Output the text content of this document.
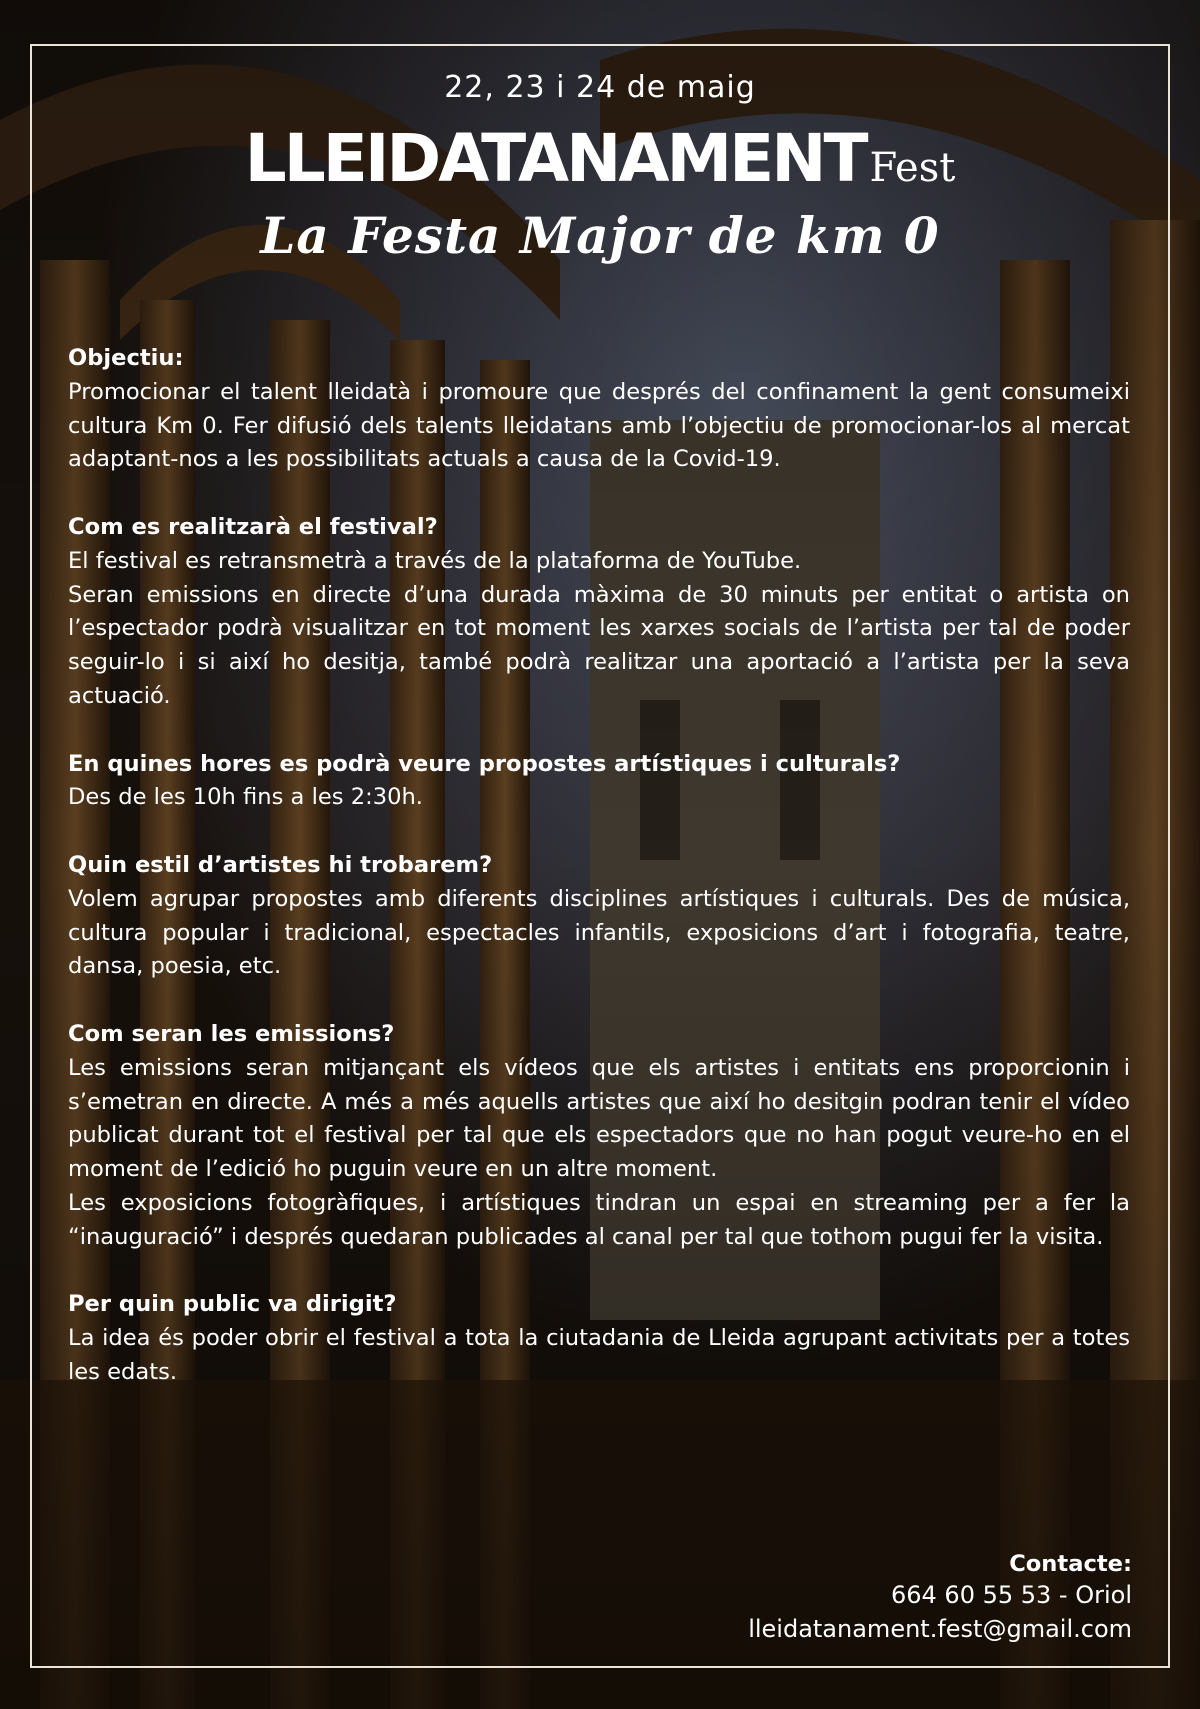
22, 23 i 24 de maig
LLEIDATANAMENT Fest
La Festa Major de km 0
Objectiu:

Promocionar el talent lleidatà i promoure que després del confinament la gent consumeixi cultura Km 0. Fer difusió dels talents lleidatans amb l’objectiu de promocionar-los al mercat adaptant-nos a les possibilitats actuals a causa de la Covid-19.

Com es realitzarà el festival?

El festival es retransmetrà a través de la plataforma de YouTube.

Seran emissions en directe d’una durada màxima de 30 minuts per entitat o artista on l’espectador podrà visualitzar en tot moment les xarxes socials de l’artista per tal de poder seguir-lo i si així ho desitja, també podrà realitzar una aportació a l’artista per la seva actuació.

En quines hores es podrà veure propostes artístiques i culturals?

Des de les 10h fins a les 2:30h.

Quin estil d’artistes hi trobarem?

Volem agrupar propostes amb diferents disciplines artístiques i culturals. Des de música, cultura popular i tradicional, espectacles infantils, exposicions d’art i fotografia, teatre, dansa, poesia, etc.

Com seran les emissions?

Les emissions seran mitjançant els vídeos que els artistes i entitats ens proporcionin i s’emetran en directe. A més a més aquells artistes que així ho desitgin podran tenir el vídeo publicat durant tot el festival per tal que els espectadors que no han pogut veure-ho en el moment de l’edició ho puguin veure en un altre moment.

Les exposicions fotogràfiques, i artístiques tindran un espai en streaming per a fer la “inauguració” i després quedaran publicades al canal per tal que tothom pugui fer la visita.

Per quin public va dirigit?

La idea és poder obrir el festival a tota la ciutadania de Lleida agrupant activitats per a totes les edats.

Contacte:
664 60 55 53 - Oriol
lleidatanament.fest@gmail.com
